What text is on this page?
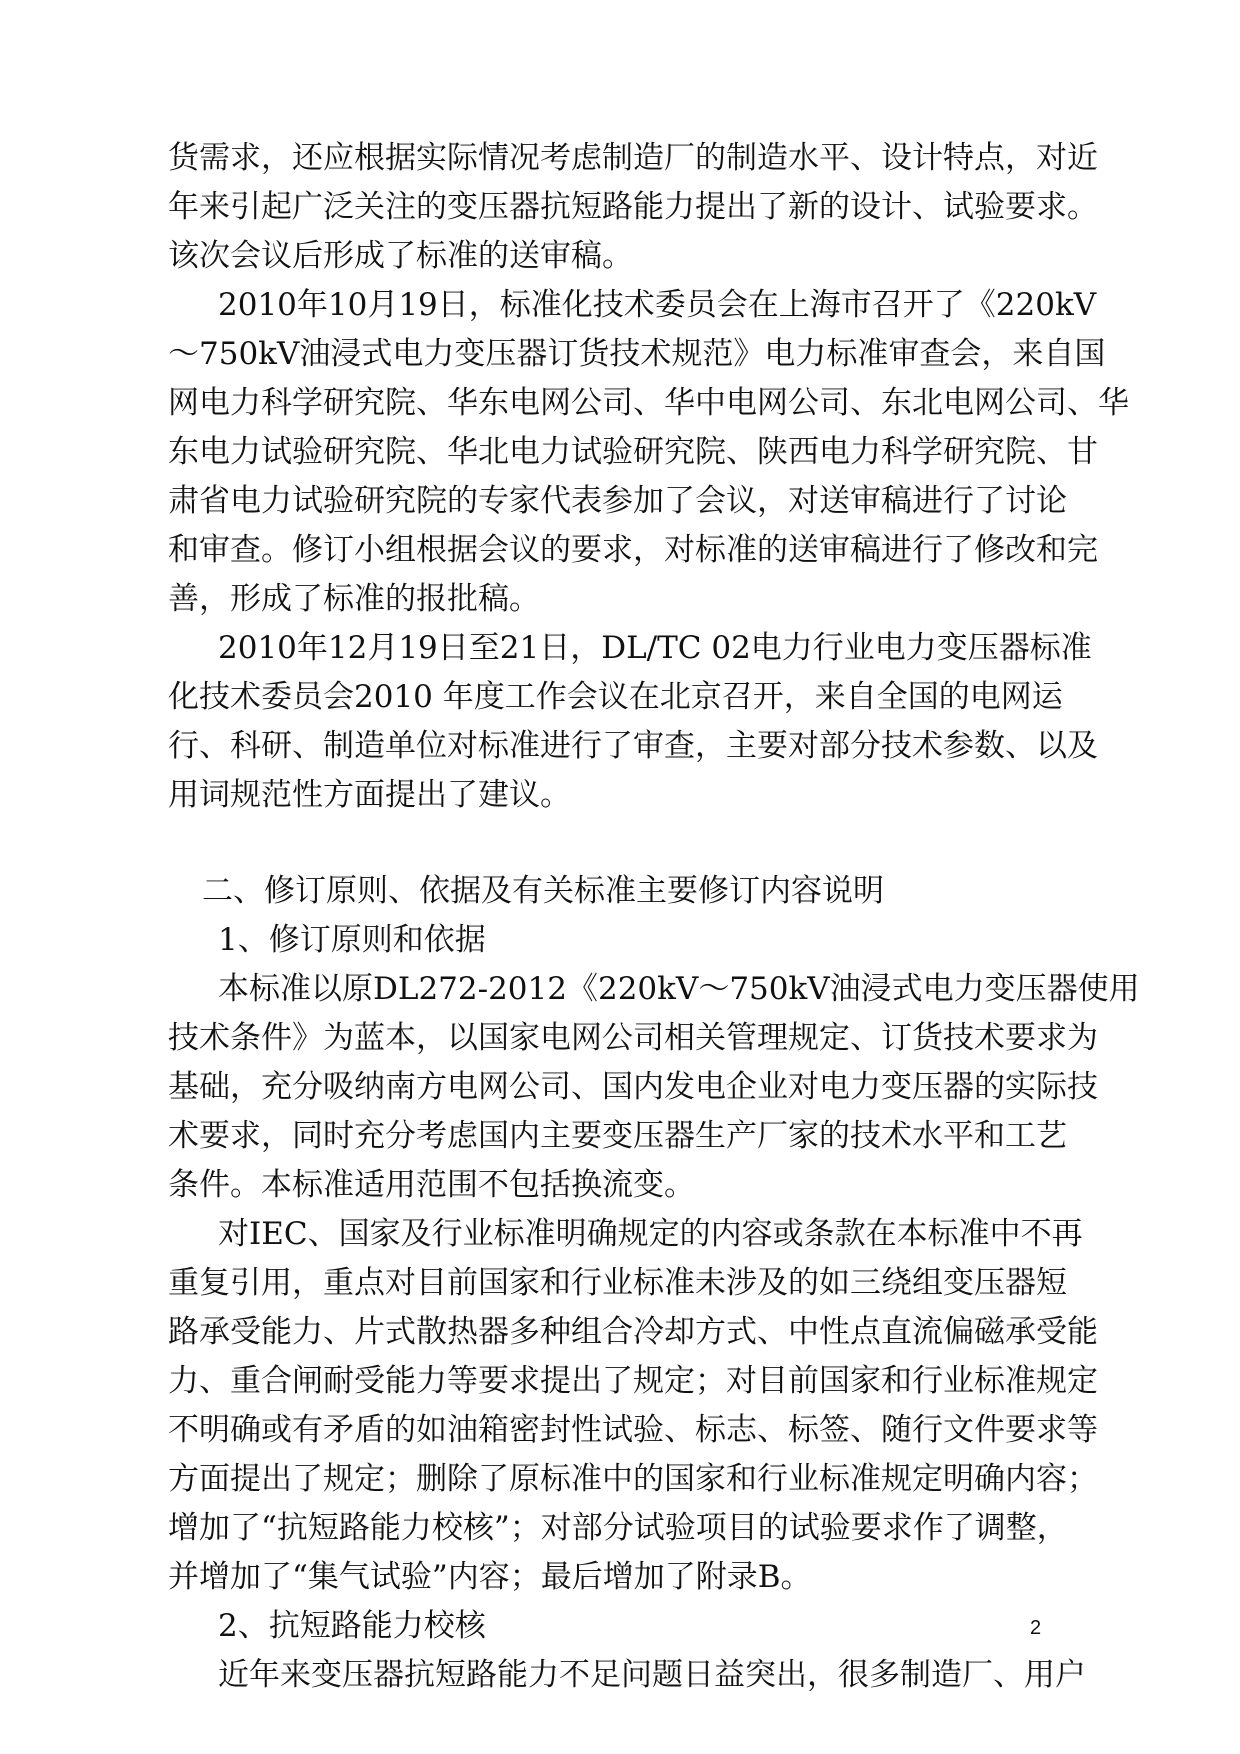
货需求，还应根据实际情况考虑制造厂的制造水平、设计特点，对近

年来引起广泛关注的变压器抗短路能力提出了新的设计、试验要求。

该次会议后形成了标准的送审稿。

2010年10月19日，标准化技术委员会在上海市召开了《220kV

～750kV油浸式电力变压器订货技术规范》电力标准审查会，来自国

网电力科学研究院、华东电网公司、华中电网公司、东北电网公司、华

东电力试验研究院、华北电力试验研究院、陕西电力科学研究院、甘

肃省电力试验研究院的专家代表参加了会议，对送审稿进行了讨论

和审查。修订小组根据会议的要求，对标准的送审稿进行了修改和完

善，形成了标准的报批稿。

2010年12月19日至21日，DL/TC 02电力行业电力变压器标准

化技术委员会2010 年度工作会议在北京召开，来自全国的电网运

行、科研、制造单位对标准进行了审查，主要对部分技术参数、以及

用词规范性方面提出了建议。

二、修订原则、依据及有关标准主要修订内容说明

1、修订原则和依据

本标准以原DL272-2012《220kV～750kV油浸式电力变压器使用

技术条件》为蓝本，以国家电网公司相关管理规定、订货技术要求为

基础，充分吸纳南方电网公司、国内发电企业对电力变压器的实际技

术要求，同时充分考虑国内主要变压器生产厂家的技术水平和工艺

条件。本标准适用范围不包括换流变。

对IEC、国家及行业标准明确规定的内容或条款在本标准中不再

重复引用，重点对目前国家和行业标准未涉及的如三绕组变压器短

路承受能力、片式散热器多种组合冷却方式、中性点直流偏磁承受能

力、重合闸耐受能力等要求提出了规定；对目前国家和行业标准规定

不明确或有矛盾的如油箱密封性试验、标志、标签、随行文件要求等

方面提出了规定；删除了原标准中的国家和行业标准规定明确内容；

增加了“抗短路能力校核”；对部分试验项目的试验要求作了调整，

并增加了“集气试验”内容；最后增加了附录B。

2、抗短路能力校核

近年来变压器抗短路能力不足问题日益突出，很多制造厂、用户

2
